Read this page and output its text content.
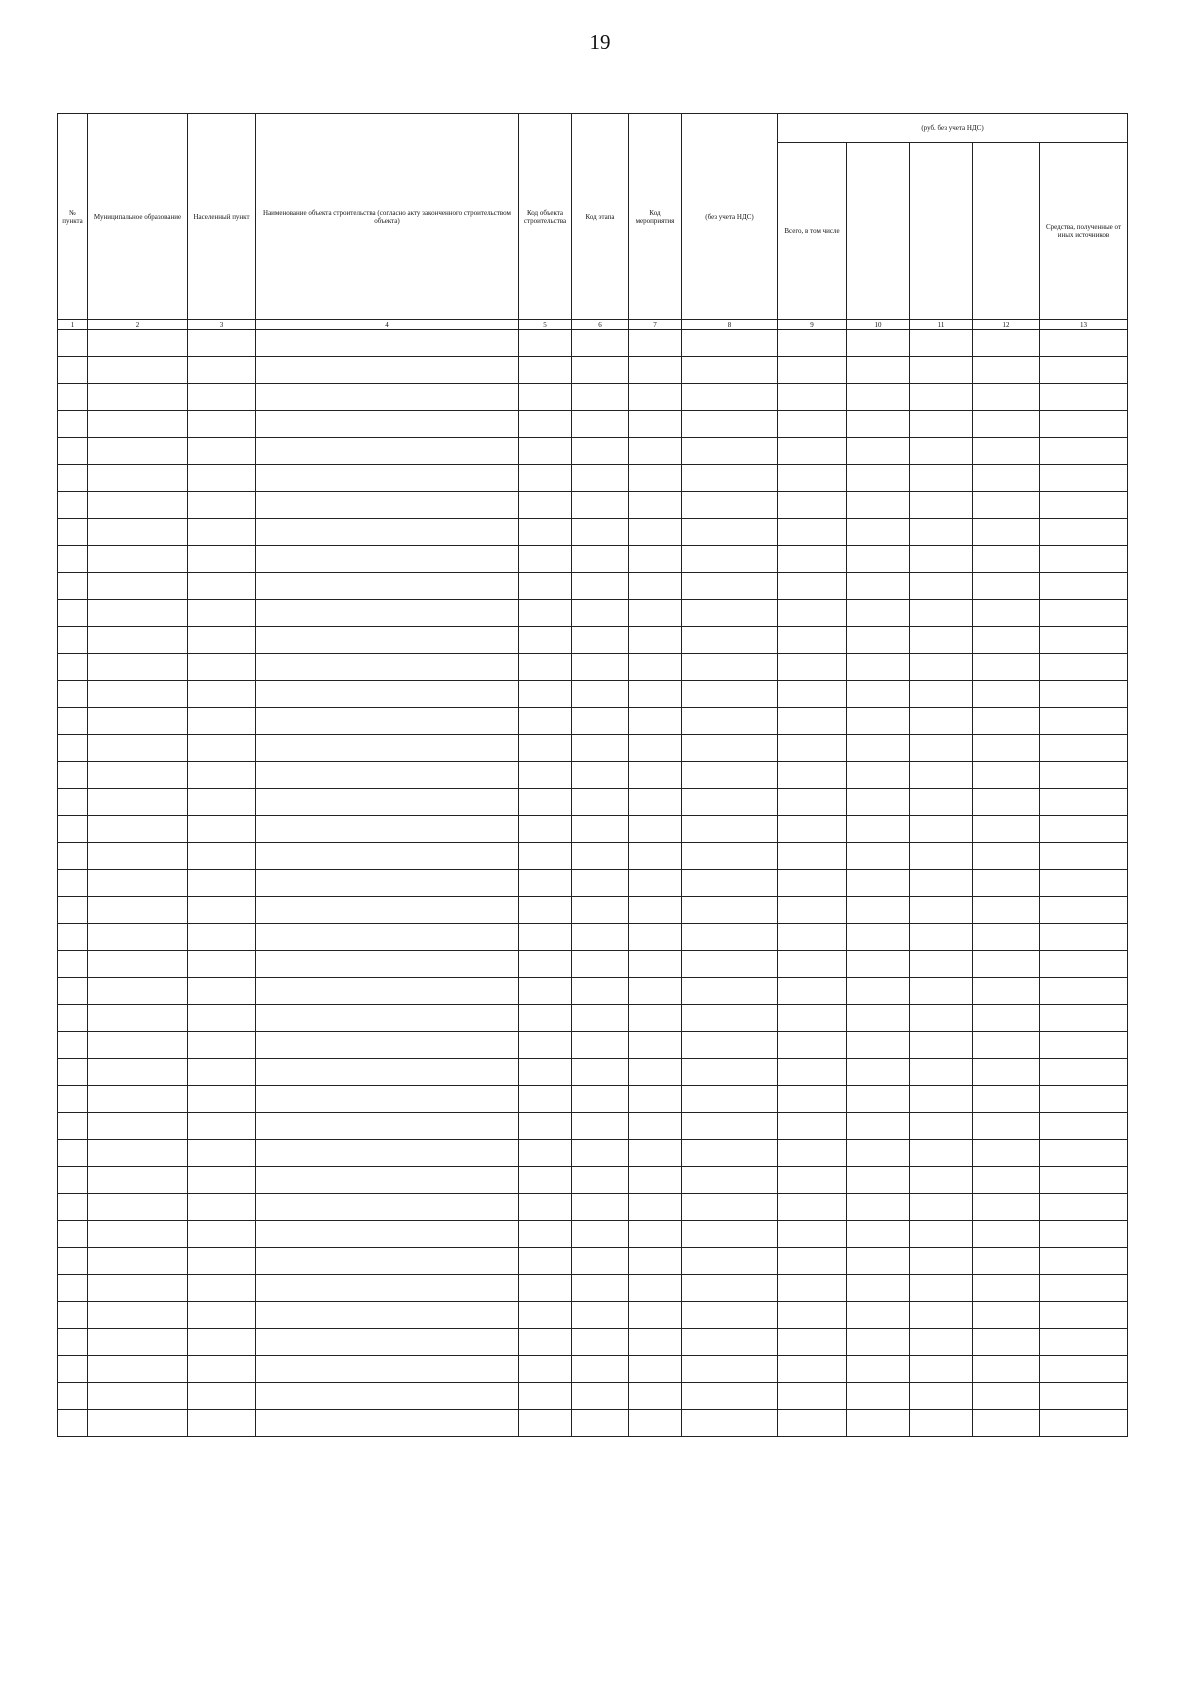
19
№ пункта	Муниципальное образование	Населенный пункт	Наименование объекта строительства (согласно акту законченного строительством объекта)	Код объекта строительства	Код этапа	Код мероприятия	(без учета НДС)	(руб. без учета НДС)				
								Всего, в том числе				Средства, полученные от иных источников
1	2	3	4	5	6	7	8	9	10	11	12	13
